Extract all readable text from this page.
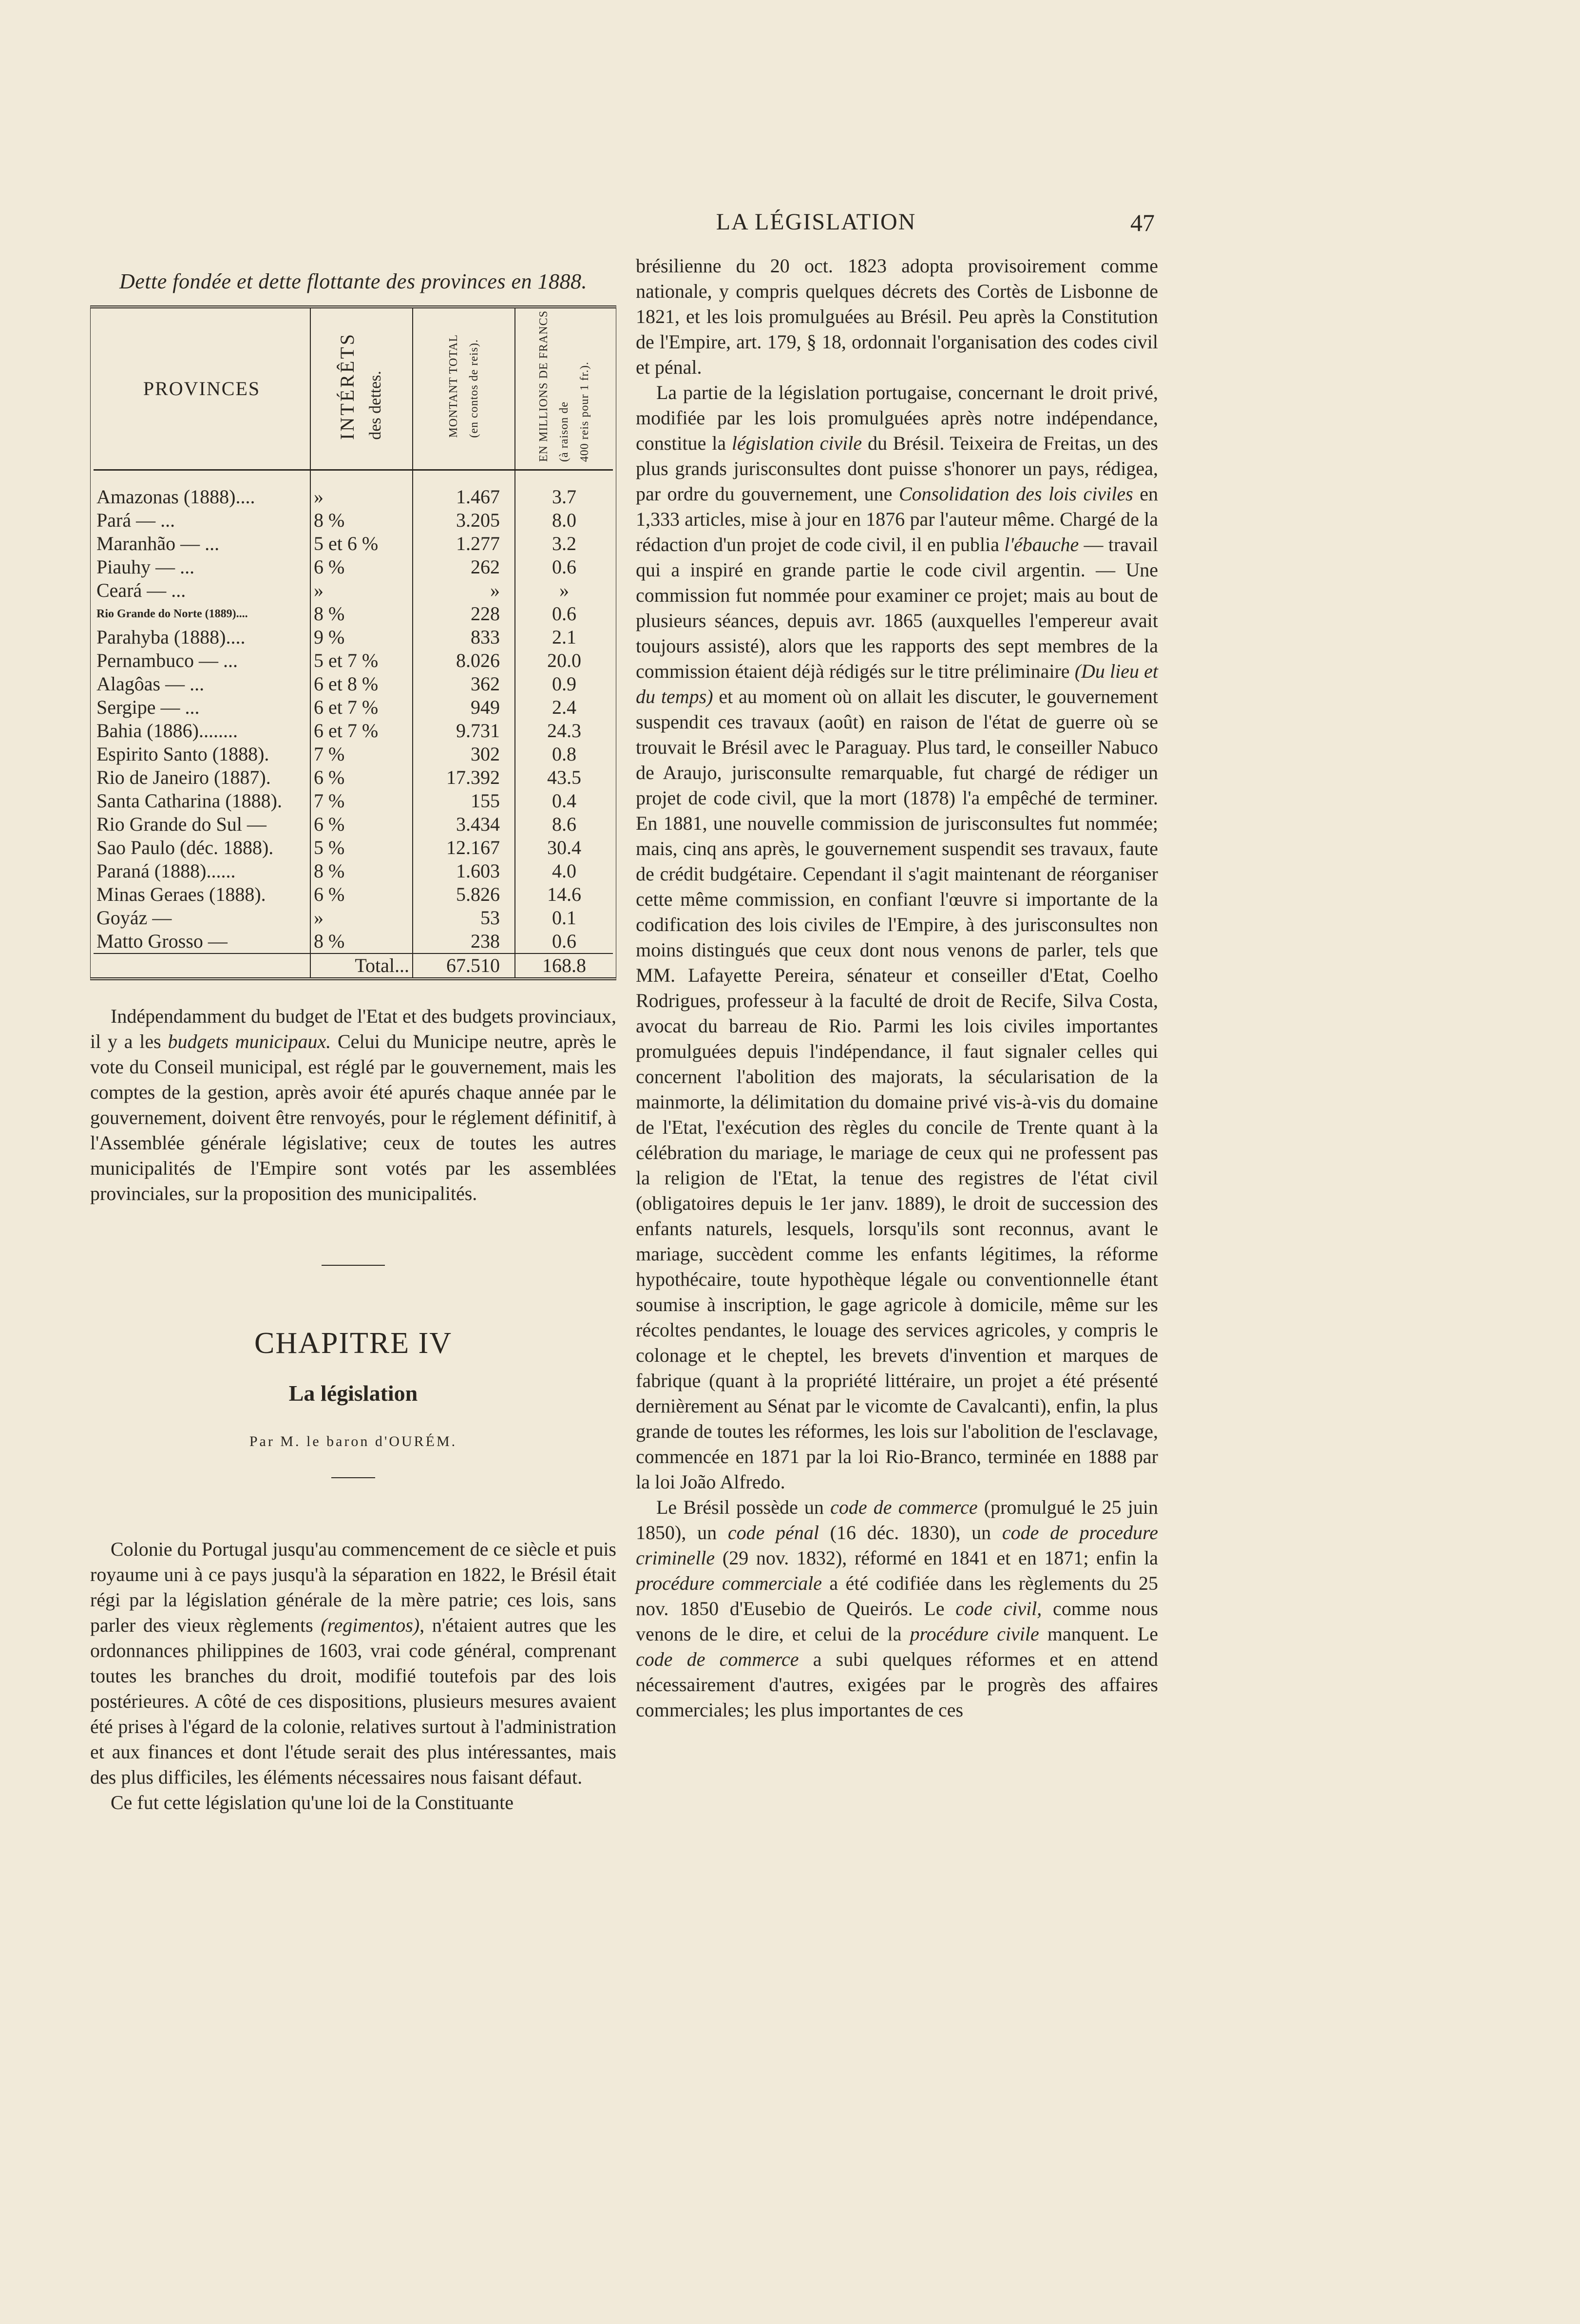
LA LÉGISLATION	47
Dette fondée et dette flottante des provinces en 1888.
PROVINCES	INTÉRÊTS des dettes.	MONTANT TOTAL (en contos de reis).	EN MILLIONS DE FRANCS (à raison de 400 reis pour 1 fr.).
Amazonas (1888)....	»	1.467	3.7
Pará — ...	8 %	3.205	8.0
Maranhão — ...	5 et 6 %	1.277	3.2
Piauhy — ...	6 %	262	0.6
Ceará — ...	»	»	»
Rio Grande do Norte (1889)....	8 %	228	0.6
Parahyba (1888)....	9 %	833	2.1
Pernambuco — ...	5 et 7 %	8.026	20.0
Alagôas — ...	6 et 8 %	362	0.9
Sergipe — ...	6 et 7 %	949	2.4
Bahia (1886)........	6 et 7 %	9.731	24.3
Espirito Santo (1888).	7 %	302	0.8
Rio de Janeiro (1887).	6 %	17.392	43.5
Santa Catharina (1888).	7 %	155	0.4
Rio Grande do Sul —	6 %	3.434	8.6
Sao Paulo (déc. 1888).	5 %	12.167	30.4
Paraná (1888)......	8 %	1.603	4.0
Minas Geraes (1888).	6 %	5.826	14.6
Goyáz —	»	53	0.1
Matto Grosso —	8 %	238	0.6
	Total...	67.510	168.8

Indépendamment du budget de l'Etat et des budgets provinciaux, il y a les budgets municipaux. Celui du Municipe neutre, après le vote du Conseil municipal, est réglé par le gouvernement, mais les comptes de la gestion, après avoir été apurés chaque année par le gouvernement, doivent être renvoyés, pour le réglement définitif, à l'Assemblée générale législative; ceux de toutes les autres municipalités de l'Empire sont votés par les assemblées provinciales, sur la proposition des municipalités.

CHAPITRE IV
La législation
Par M. le baron d'OURÉM.

Colonie du Portugal jusqu'au commencement de ce siècle et puis royaume uni à ce pays jusqu'à la séparation en 1822, le Brésil était régi par la législation générale de la mère patrie; ces lois, sans parler des vieux règlements (regimentos), n'étaient autres que les ordonnances philippines de 1603, vrai code général, comprenant toutes les branches du droit, modifié toutefois par des lois postérieures. A côté de ces dispositions, plusieurs mesures avaient été prises à l'égard de la colonie, relatives surtout à l'administration et aux finances et dont l'étude serait des plus intéressantes, mais des plus difficiles, les éléments nécessaires nous faisant défaut.

Ce fut cette législation qu'une loi de la Constituante

brésilienne du 20 oct. 1823 adopta provisoirement comme nationale, y compris quelques décrets des Cortès de Lisbonne de 1821, et les lois promulguées au Brésil. Peu après la Constitution de l'Empire, art. 179, § 18, ordonnait l'organisation des codes civil et pénal.

La partie de la législation portugaise, concernant le droit privé, modifiée par les lois promulguées après notre indépendance, constitue la législation civile du Brésil. Teixeira de Freitas, un des plus grands jurisconsultes dont puisse s'honorer un pays, rédigea, par ordre du gouvernement, une Consolidation des lois civiles en 1,333 articles, mise à jour en 1876 par l'auteur même. Chargé de la rédaction d'un projet de code civil, il en publia l'ébauche — travail qui a inspiré en grande partie le code civil argentin. — Une commission fut nommée pour examiner ce projet; mais au bout de plusieurs séances, depuis avr. 1865 (auxquelles l'empereur avait toujours assisté), alors que les rapports des sept membres de la commission étaient déjà rédigés sur le titre préliminaire (Du lieu et du temps) et au moment où on allait les discuter, le gouvernement suspendit ces travaux (août) en raison de l'état de guerre où se trouvait le Brésil avec le Paraguay. Plus tard, le conseiller Nabuco de Araujo, jurisconsulte remarquable, fut chargé de rédiger un projet de code civil, que la mort (1878) l'a empêché de terminer. En 1881, une nouvelle commission de jurisconsultes fut nommée; mais, cinq ans après, le gouvernement suspendit ses travaux, faute de crédit budgétaire. Cependant il s'agit maintenant de réorganiser cette même commission, en confiant l'œuvre si importante de la codification des lois civiles de l'Empire, à des jurisconsultes non moins distingués que ceux dont nous venons de parler, tels que MM. Lafayette Pereira, sénateur et conseiller d'Etat, Coelho Rodrigues, professeur à la faculté de droit de Recife, Silva Costa, avocat du barreau de Rio. Parmi les lois civiles importantes promulguées depuis l'indépendance, il faut signaler celles qui concernent l'abolition des majorats, la sécularisation de la mainmorte, la délimitation du domaine privé vis-à-vis du domaine de l'Etat, l'exécution des règles du concile de Trente quant à la célébration du mariage, le mariage de ceux qui ne professent pas la religion de l'Etat, la tenue des registres de l'état civil (obligatoires depuis le 1er janv. 1889), le droit de succession des enfants naturels, lesquels, lorsqu'ils sont reconnus, avant le mariage, succèdent comme les enfants légitimes, la réforme hypothécaire, toute hypothèque légale ou conventionnelle étant soumise à inscription, le gage agricole à domicile, même sur les récoltes pendantes, le louage des services agricoles, y compris le colonage et le cheptel, les brevets d'invention et marques de fabrique (quant à la propriété littéraire, un projet a été présenté dernièrement au Sénat par le vicomte de Cavalcanti), enfin, la plus grande de toutes les réformes, les lois sur l'abolition de l'esclavage, commencée en 1871 par la loi Rio-Branco, terminée en 1888 par la loi João Alfredo.

Le Brésil possède un code de commerce (promulgué le 25 juin 1850), un code pénal (16 déc. 1830), un code de procedure criminelle (29 nov. 1832), réformé en 1841 et en 1871; enfin la procédure commerciale a été codifiée dans les règlements du 25 nov. 1850 d'Eusebio de Queirós. Le code civil, comme nous venons de le dire, et celui de la procédure civile manquent. Le code de commerce a subi quelques réformes et en attend nécessairement d'autres, exigées par le progrès des affaires commerciales; les plus importantes de ces
